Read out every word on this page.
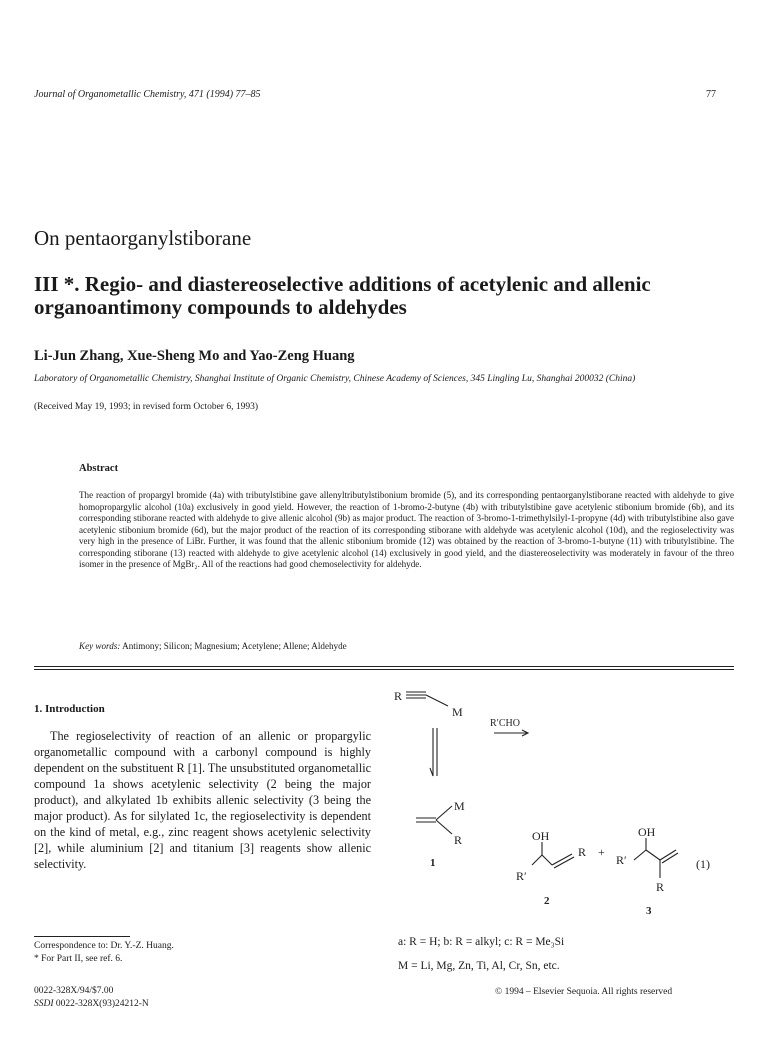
Journal of Organometallic Chemistry, 471 (1994) 77–85	77
On pentaorganylstiborane
III *. Regio- and diastereoselective additions of acetylenic and allenic organoantimony compounds to aldehydes
Li-Jun Zhang, Xue-Sheng Mo and Yao-Zeng Huang
Laboratory of Organometallic Chemistry, Shanghai Institute of Organic Chemistry, Chinese Academy of Sciences, 345 Lingling Lu, Shanghai 200032 (China)
(Received May 19, 1993; in revised form October 6, 1993)
Abstract
The reaction of propargyl bromide (4a) with tributylstibine gave allenyltributylstibonium bromide (5), and its corresponding pentaorganylstiborane reacted with aldehyde to give homopropargylic alcohol (10a) exclusively in good yield. However, the reaction of 1-bromo-2-butyne (4b) with tributylstibine gave acetylenic stibonium bromide (6b), and its corresponding stiborane reacted with aldehyde to give allenic alcohol (9b) as major product. The reaction of 3-bromo-1-trimethylsilyl-1-propyne (4d) with tributylstibine also gave acetylenic stibonium bromide (6d), but the major product of the reaction of its corresponding stiborane with aldehyde was acetylenic alcohol (10d), and the regioselectivity was very high in the presence of LiBr. Further, it was found that the allenic stibonium bromide (12) was obtained by the reaction of 3-bromo-1-butyne (11) with tributylstibine. The corresponding stiborane (13) reacted with aldehyde to give acetylenic alcohol (14) exclusively in good yield, and the diastereoselectivity was moderately in favour of the threo isomer in the presence of MgBr₂. All of the reactions had good chemoselectivity for aldehyde.
Key words: Antimony; Silicon; Magnesium; Acetylene; Allene; Aldehyde
1. Introduction

The regioselectivity of reaction of an allenic or propargylic organometallic compound with a carbonyl compound is highly dependent on the substituent R [1]. The unsubstituted organometallic compound 1a shows acetylenic selectivity (2 being the major product), and alkylated 1b exhibits allenic selectivity (3 being the major product). As for silylated 1c, the regioselectivity is dependent on the kind of metal, e.g., zinc reagent shows acetylenic selectivity [2], while aluminium [2] and titanium [3] reagents show allenic selectivity.

R
M
R′CHO
M
R
1
OH
R
R′
+
R′
OH
R
2
3
(1)
a: R = H; b: R = alkyl; c: R = Me₃Si
M = Li, Mg, Zn, Ti, Al, Cr, Sn, etc.
Correspondence to: Dr. Y.-Z. Huang.
* For Part II, see ref. 6.
0022-328X/94/$7.00
SSDI 0022-328X(93)24212-N
© 1994 – Elsevier Sequoia. All rights reserved
